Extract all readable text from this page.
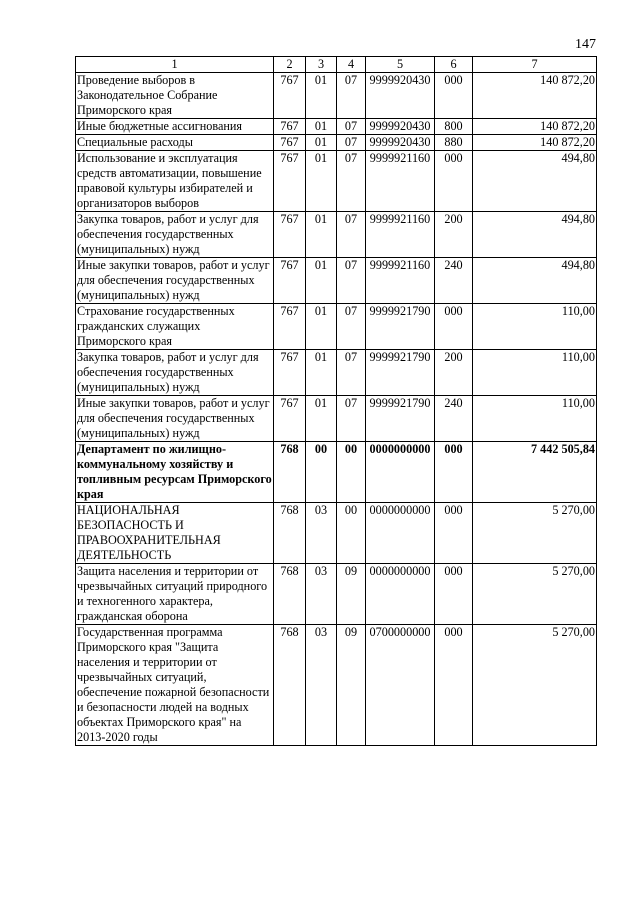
147
1	2	3	4	5	6	7
Проведение выборов в Законодательное Собрание Приморского края	767	01	07	9999920430	000	140 872,20
Иные бюджетные ассигнования	767	01	07	9999920430	800	140 872,20
Специальные расходы	767	01	07	9999920430	880	140 872,20
Использование и эксплуатация средств автоматизации, повышение правовой культуры избирателей и организаторов выборов	767	01	07	9999921160	000	494,80
Закупка товаров, работ и услуг для обеспечения государственных (муниципальных) нужд	767	01	07	9999921160	200	494,80
Иные закупки товаров, работ и услуг для обеспечения государственных (муниципальных) нужд	767	01	07	9999921160	240	494,80
Страхование государственных гражданских служащих Приморского края	767	01	07	9999921790	000	110,00
Закупка товаров, работ и услуг для обеспечения государственных (муниципальных) нужд	767	01	07	9999921790	200	110,00
Иные закупки товаров, работ и услуг для обеспечения государственных (муниципальных) нужд	767	01	07	9999921790	240	110,00
Департамент по жилищно-коммунальному хозяйству и топливным ресурсам Приморского края	768	00	00	0000000000	000	7 442 505,84
НАЦИОНАЛЬНАЯ БЕЗОПАСНОСТЬ И ПРАВООХРАНИТЕЛЬНАЯ ДЕЯТЕЛЬНОСТЬ	768	03	00	0000000000	000	5 270,00
Защита населения и территории от чрезвычайных ситуаций природного и техногенного характера, гражданская оборона	768	03	09	0000000000	000	5 270,00
Государственная программа Приморского края "Защита населения и территории от чрезвычайных ситуаций, обеспечение пожарной безопасности и безопасности людей на водных объектах Приморского края" на 2013-2020 годы	768	03	09	0700000000	000	5 270,00
